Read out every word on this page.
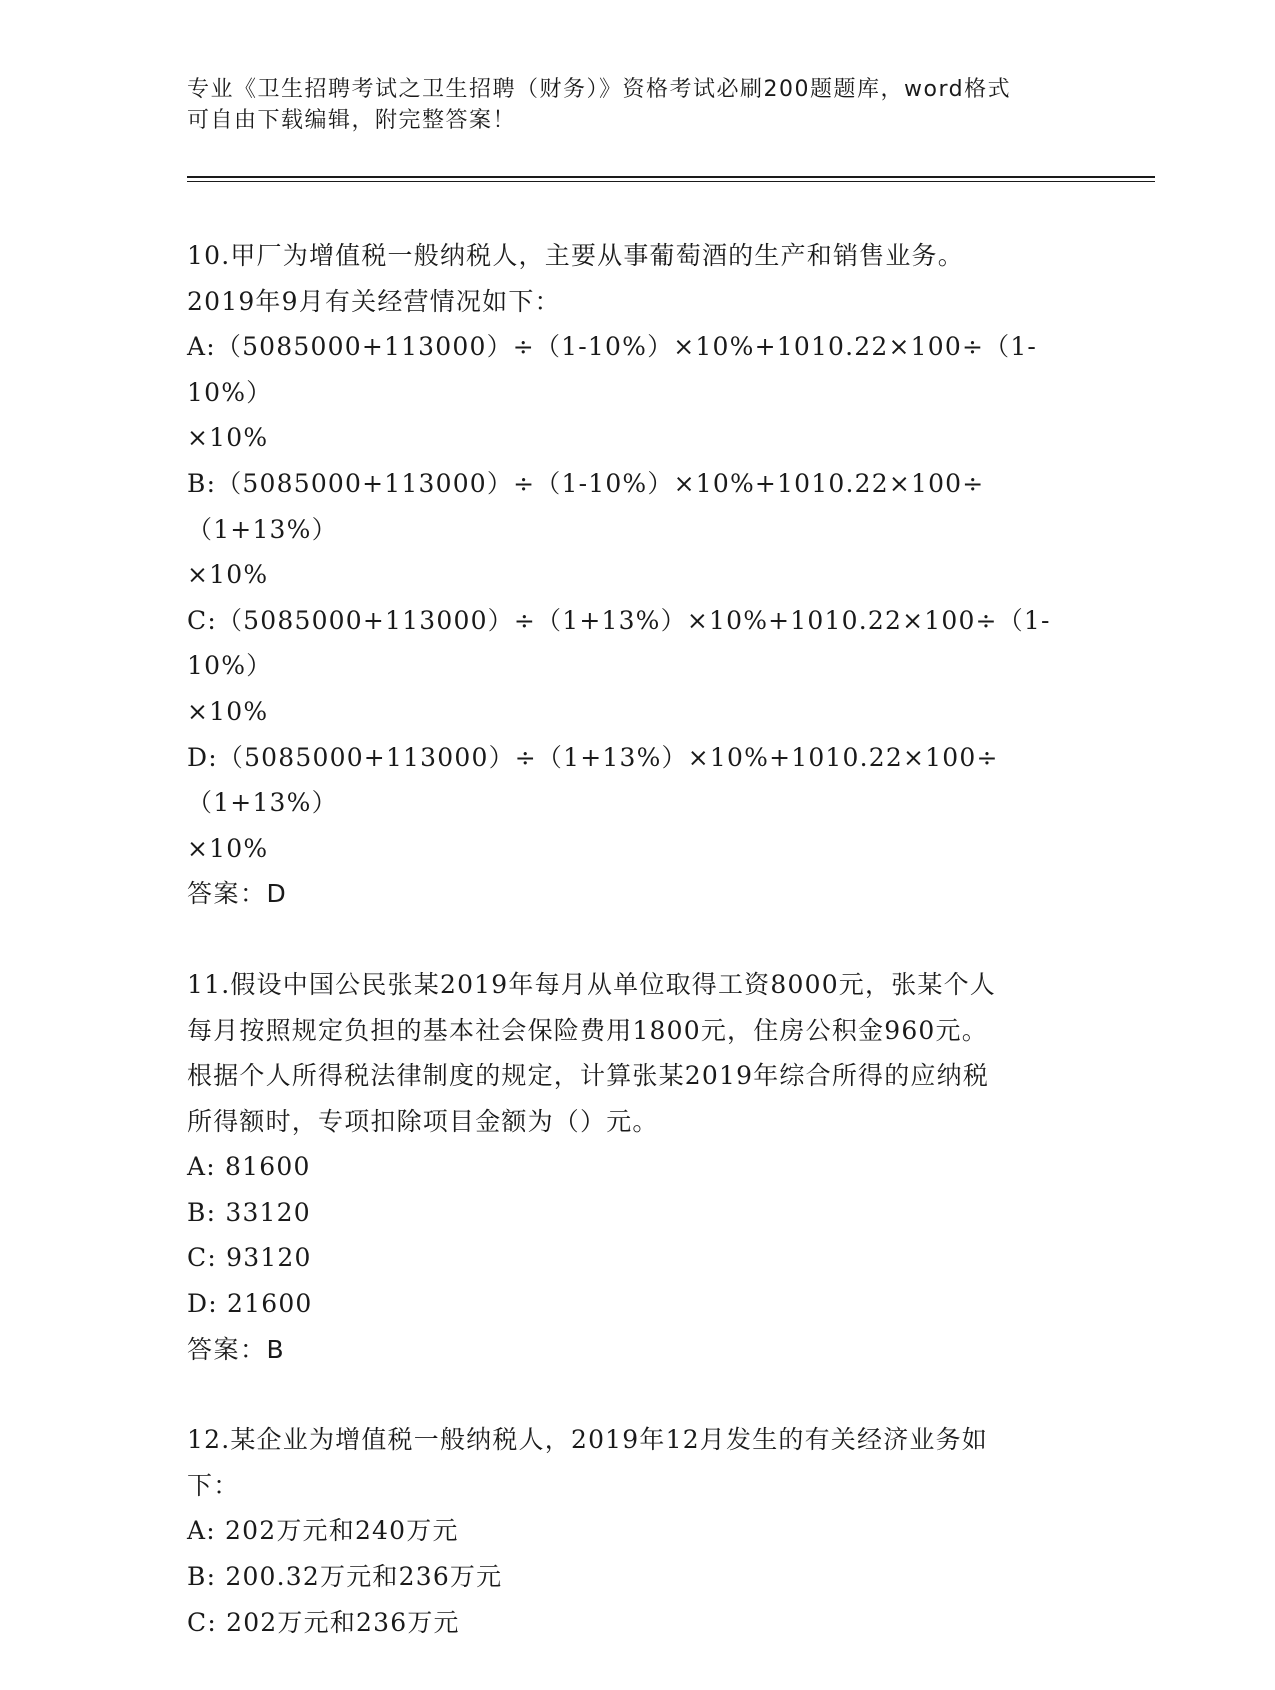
专业《卫生招聘考试之卫生招聘（财务）》资格考试必刷200题题库，word格式
可自由下载编辑，附完整答案！
10.甲厂为增值税一般纳税人，主要从事葡萄酒的生产和销售业务。
2019年9月有关经营情况如下：
A:（5085000+113000）÷（1-10%）×10%+1010.22×100÷（1-10%）
×10%
B:（5085000+113000）÷（1-10%）×10%+1010.22×100÷（1+13%）
×10%
C:（5085000+113000）÷（1+13%）×10%+1010.22×100÷（1-10%）
×10%
D:（5085000+113000）÷（1+13%）×10%+1010.22×100÷（1+13%）
×10%
答案：D
11.假设中国公民张某2019年每月从单位取得工资8000元，张某个人
每月按照规定负担的基本社会保险费用1800元，住房公积金960元。
根据个人所得税法律制度的规定，计算张某2019年综合所得的应纳税
所得额时，专项扣除项目金额为（）元。
A: 81600
B: 33120
C: 93120
D: 21600
答案：B
12.某企业为增值税一般纳税人，2019年12月发生的有关经济业务如
下：
A: 202万元和240万元
B: 200.32万元和236万元
C: 202万元和236万元
